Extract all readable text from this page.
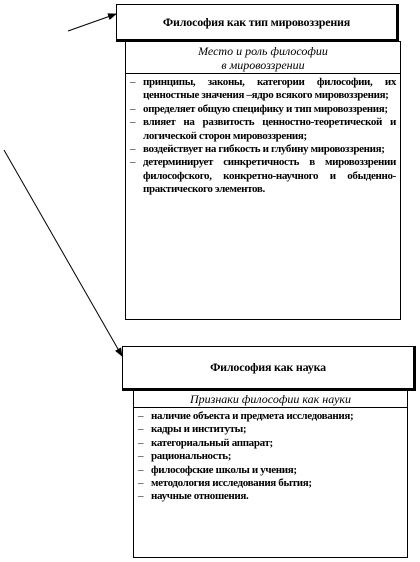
Философия как тип мировоззрения
Место и роль философии
в мировоззрении
– принципы, законы, категории философии, их ценностные значения –ядро всякого мировоззрения;
– определяет общую специфику и тип мировоззрения;
– влияет на развитость ценностно-теоретической и логической сторон мировоззрения;
– воздействует на гибкость и глубину мировоззрения;
– детерминирует синкретичность в мировоззрении философского, конкретно-научного и обыденно-практического элементов.
Философия как наука
Признаки философии как науки
– наличие объекта и предмета исследования;
– кадры и институты;
– категориальный аппарат;
– рациональность;
– философские школы и учения;
– методология исследования бытия;
– научные отношения.
